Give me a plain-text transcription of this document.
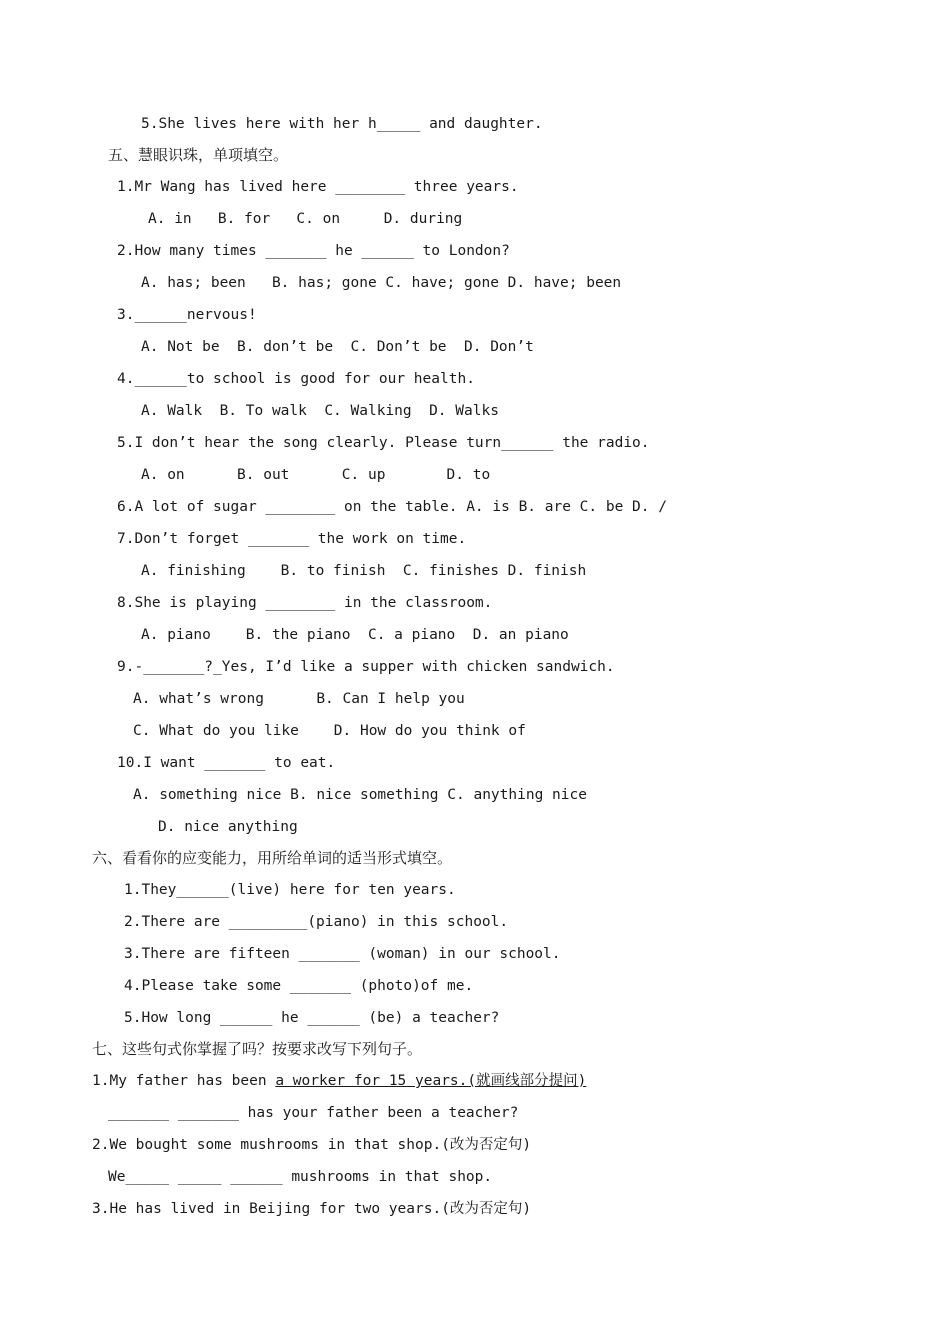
5.She lives here with her h_____ and daughter.
五、慧眼识珠，单项填空。
1.Mr Wang has lived here ________ three years.
A. in   B. for   C. on     D. during
2.How many times _______ he ______ to London?
A. has; been   B. has; gone C. have; gone D. have; been
3.______nervous!
A. Not be  B. don’t be  C. Don’t be  D. Don’t
4.______to school is good for our health.
A. Walk  B. To walk  C. Walking  D. Walks
5.I don’t hear the song clearly. Please turn______ the radio.
A. on      B. out      C. up       D. to
6.A lot of sugar ________ on the table. A. is B. are C. be D. /
7.Don’t forget _______ the work on time.
A. finishing    B. to finish  C. finishes D. finish
8.She is playing ________ in the classroom.
A. piano    B. the piano  C. a piano  D. an piano
9.-_______?_Yes, I’d like a supper with chicken sandwich.
A. what’s wrong      B. Can I help you
C. What do you like    D. How do you think of
10.I want _______ to eat.
A. something nice B. nice something C. anything nice
D. nice anything
六、看看你的应变能力，用所给单词的适当形式填空。
1.They______(live) here for ten years.
2.There are _________(piano) in this school.
3.There are fifteen _______ (woman) in our school.
4.Please take some _______ (photo)of me.
5.How long ______ he ______ (be) a teacher?
七、这些句式你掌握了吗？按要求改写下列句子。
1.My father has been a worker for 15 years.(就画线部分提问)
_______ _______ has your father been a teacher?
2.We bought some mushrooms in that shop.(改为否定句)
We_____ _____ ______ mushrooms in that shop.
3.He has lived in Beijing for two years.(改为否定句)
